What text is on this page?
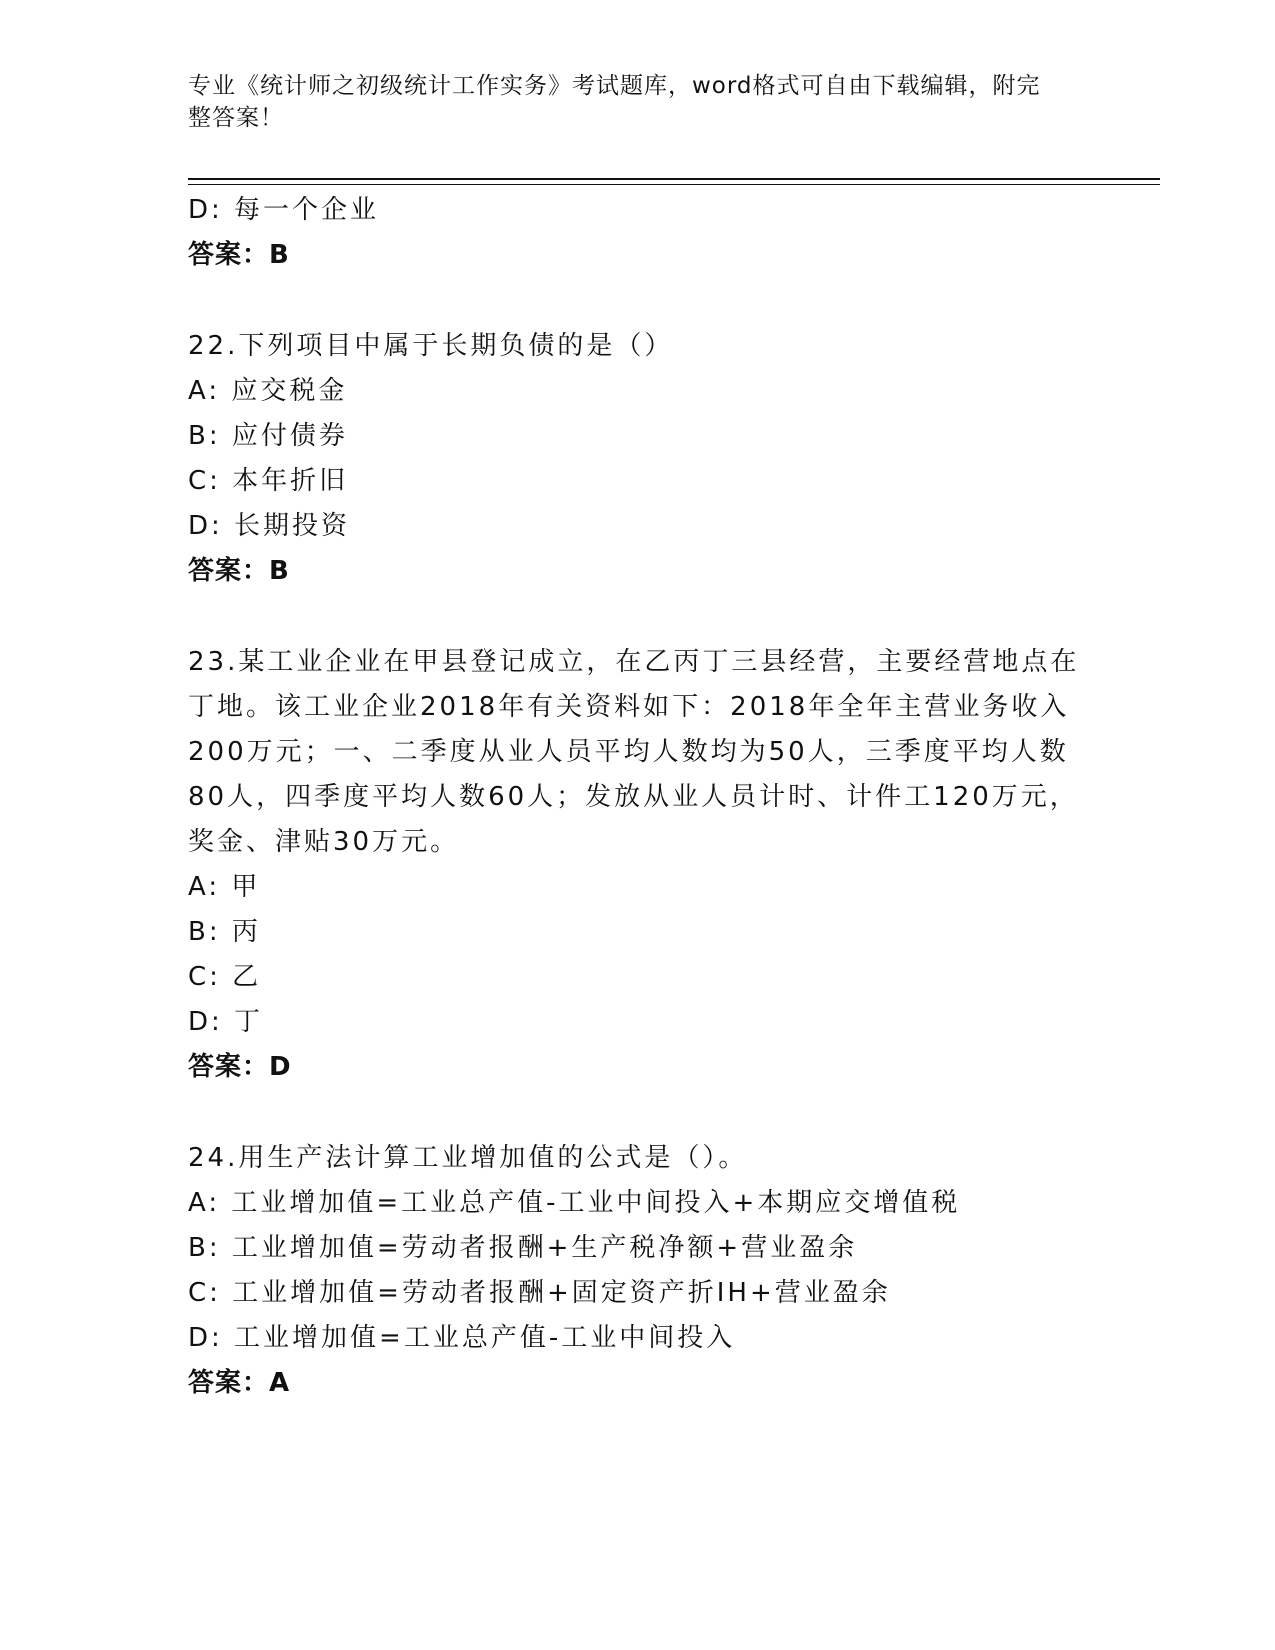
专业《统计师之初级统计工作实务》考试题库，word格式可自由下载编辑，附完
整答案！
D: 每一个企业
答案：B
22.下列项目中属于长期负债的是（）
A: 应交税金
B: 应付债券
C: 本年折旧
D: 长期投资
答案：B
23.某工业企业在甲县登记成立，在乙丙丁三县经营，主要经营地点在
丁地。该工业企业2018年有关资料如下：2018年全年主营业务收入
200万元；一、二季度从业人员平均人数均为50人，三季度平均人数
80人，四季度平均人数60人；发放从业人员计时、计件工120万元，
奖金、津贴30万元。
A: 甲
B: 丙
C: 乙
D: 丁
答案：D
24.用生产法计算工业增加值的公式是（）。
A: 工业增加值=工业总产值-工业中间投入+本期应交增值税
B: 工业增加值=劳动者报酬+生产税净额+营业盈余
C: 工业增加值=劳动者报酬+固定资产折IH+营业盈余
D: 工业增加值=工业总产值-工业中间投入
答案：A
